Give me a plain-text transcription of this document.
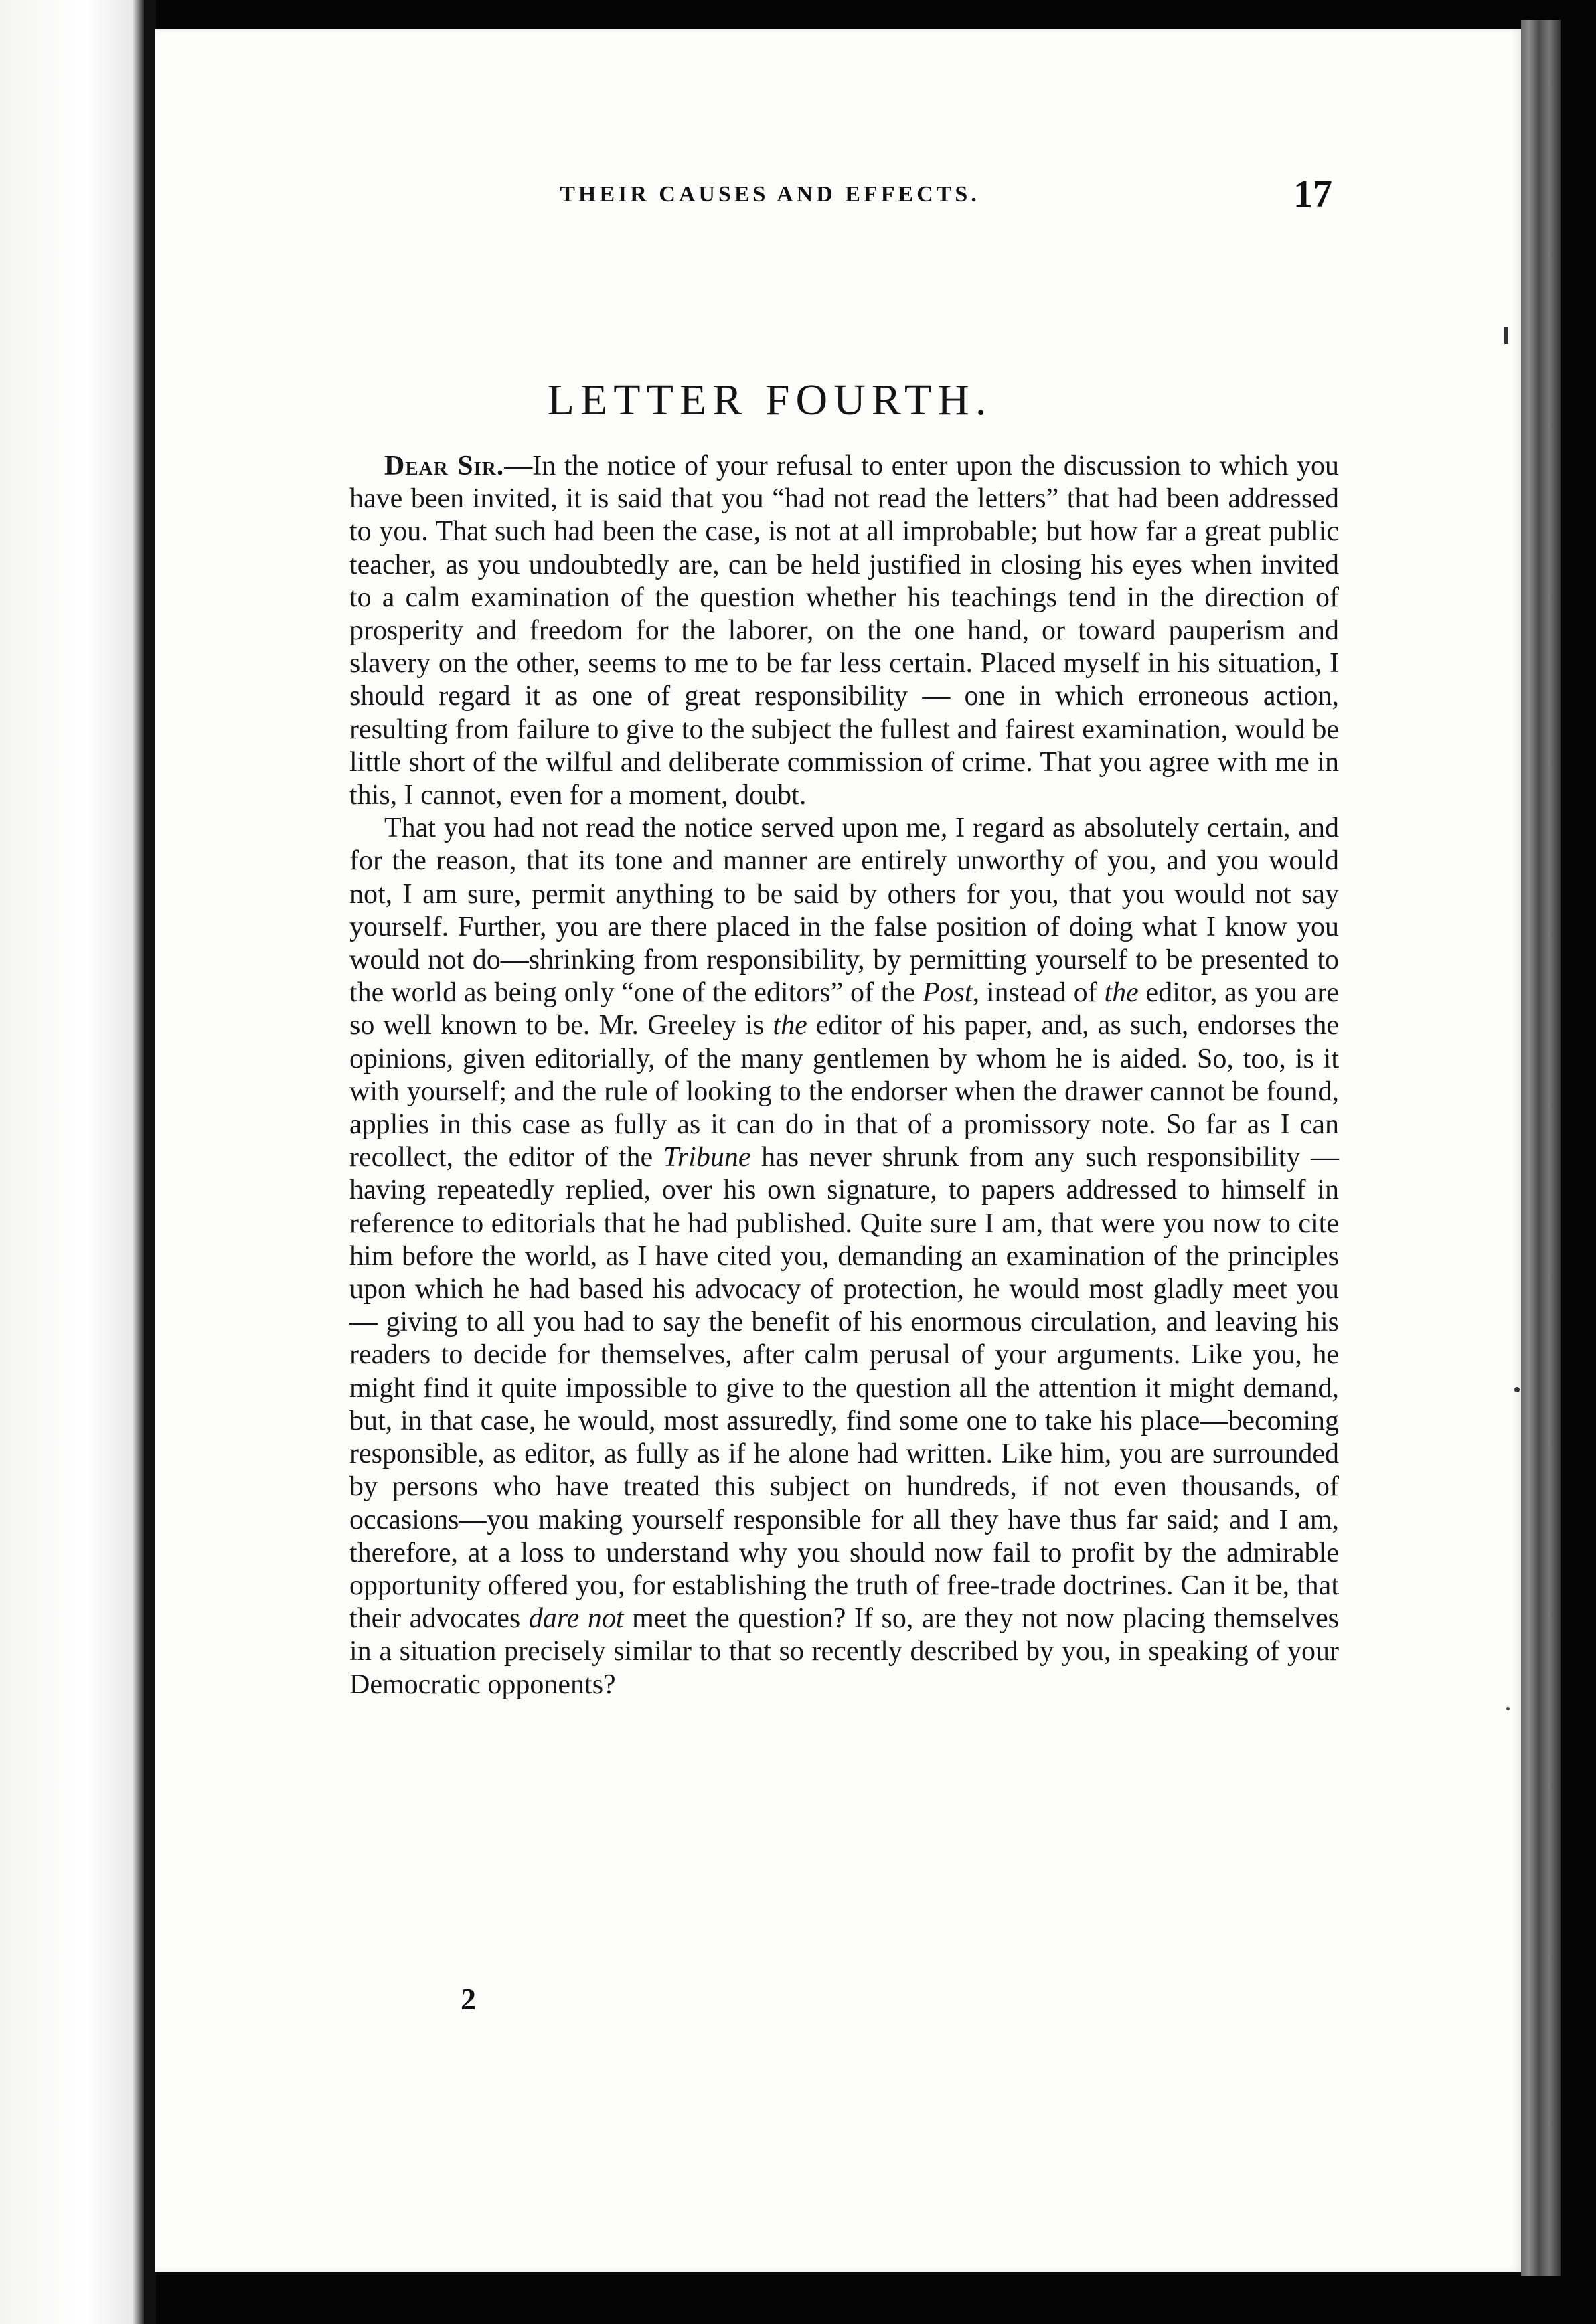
THEIR CAUSES AND EFFECTS.	17
LETTER FOURTH.

Dear Sir.—In the notice of your refusal to enter upon the discussion to which you have been invited, it is said that you “had not read the letters” that had been addressed to you. That such had been the case, is not at all improbable; but how far a great public teacher, as you undoubtedly are, can be held justified in closing his eyes when invited to a calm examination of the question whether his teachings tend in the direction of prosperity and freedom for the laborer, on the one hand, or toward pauperism and slavery on the other, seems to me to be far less certain. Placed myself in his situation, I should regard it as one of great responsibility — one in which erroneous action, resulting from failure to give to the subject the fullest and fairest examination, would be little short of the wilful and deliberate commission of crime. That you agree with me in this, I cannot, even for a moment, doubt.

That you had not read the notice served upon me, I regard as absolutely certain, and for the reason, that its tone and manner are entirely unworthy of you, and you would not, I am sure, permit anything to be said by others for you, that you would not say yourself. Further, you are there placed in the false position of doing what I know you would not do—shrinking from responsibility, by permitting yourself to be presented to the world as being only “one of the editors” of the Post, instead of the editor, as you are so well known to be. Mr. Greeley is the editor of his paper, and, as such, endorses the opinions, given editorially, of the many gentlemen by whom he is aided. So, too, is it with yourself; and the rule of looking to the endorser when the drawer cannot be found, applies in this case as fully as it can do in that of a promissory note. So far as I can recollect, the editor of the Tribune has never shrunk from any such responsibility — having repeatedly replied, over his own signature, to papers addressed to himself in reference to editorials that he had published. Quite sure I am, that were you now to cite him before the world, as I have cited you, demanding an examination of the principles upon which he had based his advocacy of protection, he would most gladly meet you — giving to all you had to say the benefit of his enormous circulation, and leaving his readers to decide for themselves, after calm perusal of your arguments. Like you, he might find it quite impossible to give to the question all the attention it might demand, but, in that case, he would, most assuredly, find some one to take his place—becoming responsible, as editor, as fully as if he alone had written. Like him, you are surrounded by persons who have treated this subject on hundreds, if not even thousands, of occasions—you making yourself responsible for all they have thus far said; and I am, therefore, at a loss to understand why you should now fail to profit by the admirable opportunity offered you, for establishing the truth of free-trade doctrines. Can it be, that their advocates dare not meet the question? If so, are they not now placing themselves in a situation precisely similar to that so recently described by you, in speaking of your Democratic opponents?

2
